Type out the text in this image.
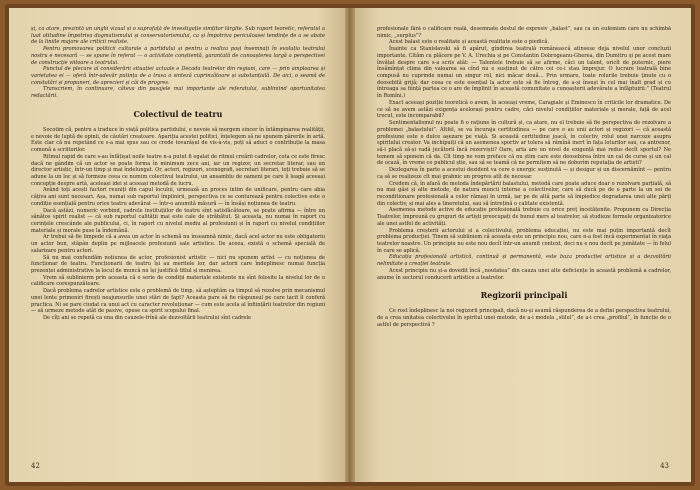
și, ca atare, prezintă un unghi vizual și o suprafață de investigație simțitor lărgite. Sub raport teoretic, referatul a luat atitudine împotriva dogmatismului și conservatorismului, ca și împotriva periculoasei tendințe de a se abate de la liniile majore ale criticii realiste.

Pentru promovarea politicii culturale a partidului și pentru a realiza pași însemnați în evoluția teatrului nostru e necesară — se spune în referat — o activitate conștientă, garantată de cunoașterea largă a perspectivei de construcție viitoare a teatrului.

Punctul de plecare al considerării situației actuale e Decada teatrelor din regiuni, care — prin amploarea și varietatea ei — oferă într-adevăr putința de a trasa o sinteză cuprinzătoare și substanțială. De aici, o seamă de constatări și propuneri, de aprecieri și căi de progres.

Transcriem, în continuare, câteva din pasajele mai importante ale referatului, subliniind oportunitatea redactării.

Colectivul de teatru

Socotim că, pentru a traduce în viață politica partidului, e nevoie să mergem sincer în întâmpinarea realității, e nevoie de luptă de opinii, de căutări creatoare. Apariția acestei politici, înțelegem să ne spunem părerile în artă. Este clar că nu repetând ce s-a mai spus sau ce crede tovarășul de vis-à-vis, poți să aduci o contribuție la masa comună a scriitorilor.

Ritmul rapid de care s-au înfățișat noile teatre n-a putut fi egalat de ritmul creării cadrelor, cota ce este firesc dacă ne gândim că un actor se poate forma în minimum zece ani, iar un regizor, un secretar literar, sau un director artistic, într-un timp și mai îndelungat. Or, actori, regizori, scenografi, secretari literari, toți trebuie să se adune la un loc și să formeze ceea ce numim colectivul teatrului, un ansamblu de oameni pe care îi leagă aceeași concepție despre artă, aceleași idei și aceeași metodă de lucru.

Având toți acești factori reuniți din capul locului, urmează un proces intim de unificare, pentru care abia câțiva ani sunt necesari. Așa, numai sub raportul împlinirii, perspectiva ce se conturează pentru colective este o condiție esențială pentru orice teatru adevărat — într-o anumită măsură — în însăși noțiunea de teatru.

Dacă astăzi, numeric vorbind, cadrele instituțiilor de teatru sînt satisfăcătoare, se poate afirma — între un sănătos spirit realist — că sub raportul calității mai este cale de străbătut. Și aceasta, nu numai în raport cu cerințele crescânde ale publicului, ci, în raport cu nivelul mediu al profesiunii și în raport cu nivelul condițiilor materiale și morale puse la îndemână.

Ar trebui să fie limpede că a avea un actor în schemă nu înseamnă nimic, dacă acel actor nu este obligatoriu un actor bun, stăpân deplin pe mijloacele profesiunii sale artistice. De aceea, există o schemă specială de salarizare pentru actori.

Să nu mai confundăm noțiunea de actor, profesionist artistic — nici nu spunem artist — cu noțiunea de funcționar de teatru. Funcționarii de teatru își au meritele lor, dar actorii care îndeplinesc numai funcția prezenței administrative la locul de muncă nu își justifică titlul și menirea.

Vrem să sublinierm prin aceasta că o serie de condiții materiale existente nu sînt folosite la nivelul lor de o calificare corespunzătoare.

Dacă problema cadrelor artistice este o problemă de timp, să așteptăm ca timpul să rezolve prin mecanismul unei lente primeniri firești neajunsurile unei stări de fapt? Aceasta pare să fie răspunsul pe care tacit îl conferă practica. Ni se pare ciudat ca unui act cu caracter revoluționar — cum este acela al înființării teatrelor din regiuni — să urmeze metode atât de pasive, opuse ca spirit scopului final.

De cîți ani se repetă ca una din cauzele-frînă ale dezvoltării teatrului sînt cadrele

42

profesionale fără o calificare reală, desemnate destul de expresiv „balast”, sau ca un eufemism care nu schimbă nimic, „surplus”?

Acest balast este o realitate și această realitate este o piedică.

Înainte ca Stanislavski să fi apărut, gîndirea teatrală românească atinsese deja nivelul unor concluzii importante. Cităm cu plăcere pe V. A. Urechia și pe Constantin Dobrogeanu-Gherea, din Dumitru și pe acest mare învățat despre care s-a scris atât: — Talentele trebuie să se afirme, căci un talent, oricît de puternic, piere însămînțat clima din valoarea sa cînd nu e susținut de către cei ce-i stau împrejur. O lucrare teatrală bine compusă nu cuprinde numai un singur rol, nici măcar două... Prin urmare, toate rolurile trebuie ținute cu o deosebită grijă; dar ceea ce este esențial la actor este să fie întreg, de a-și însuși în cel mai înalt grad și cu întreaga sa ființă partea ce o are de împlinit în această comunitate a cunoașterii adevărate a înfăptuirii.” (Teatrul în Romîni.)

Exact aceeași poziție teoretică o avem, în aceeași vreme, Caragiale și Eminescu în criticile lor dramatice. De ce să ne avem astăzi exigența acelorași pentru cadre, căci nivelul condițiilor materiale și morale, față de acel trecut, este incomparabil?

Sentimentalismul nu poate fi o rațiune în cultură și, ca atare, nu el trebuie să fie perspectiva de rezolvare a problemei „balastului”. Altfel, se va încuraja certitudinea — pe care o au unii actori și regizori — că această profesiune este o dulce așezare pe viață. Și această certitudine joacă, în colectiv, rolul unei narcoze asupra spiritului creator. Va inchipuiți că un asemenea sportiv ar tolera să rămînă inert în fața loturilor sau, ca antrenor, să-i placă să-și vadă jucătorii încă rezerviști? Oare, arta are un nivel de exigență mai redus decît sportul? Ne temem să spunem că da. Cît timp ne vom preface că nu știm care este deosebirea între un cal de curse și un cal de ocază, în vreme ce publicul știe, sau să se teamă că ne permitem să ne doborîm reputația de artiști?

Dezlegarea în parte a acestui dezident va cere o energic susținută — și desigur și un discernămînt — pentru ca să se realizeze cît mai grabnic un progres atît de necesar.

Credem că, în afară de metoda îndepărtării balastului, metodă care poate aduce doar o rezolvare parțială, să nu mai găsi și alte metode, de natura muncii interne a colectivelor, care să ducă pe de o parte la un soi de reconditionare profesională a celor rămași în urmă, iar pe de altă parte să împiedice degradarea unei alte părți din colectiv, și mai ales a tineretului, sau să întrețină o calitate existentă.

Asemenea metode active de educație profesională trebuie cu orice preț încetățenite. Propunem ca Direcția Teatrelor, împreună cu grupuri de artiști preocupați de bunul mers al teatrelor, să studieze formele organizatorice ale unei astfel de activități.

Problema creșterii actorului și a colectivului, problema educației, nu este mai puțin importantă decît problema producției. Ținem să subliniem că aceasta este un principiu nou, care n-a fost încă experimentat în viața teatrelor noastre. Un principiu nu este nou decît într-un anumit context, deci nu e nou decît pe jumătate — în felul în care se aplică.

Educația profesională artistică, continuă și permanentă, este baza producției artistice și a dezvoltării nelimitate a creației teatrale.

Acest principiu nu și-a dovedit încă „noutatea” din cauza unei alte deficiențe în această problemă a cadrelor, anume în sectorul conducerii artistice a teatrelor.

Regizorii principali

Ce rost îndeplinesc la noi regizorii principali, dacă nu-și asumă răspunderea de a defini perspectiva teatrului, de a crea unitatea colectivului în spiritul unei metode, de a-i modela „stilul”, de a-i crea „profilul”, în funcție de o astfel de perspectivă ?

43
